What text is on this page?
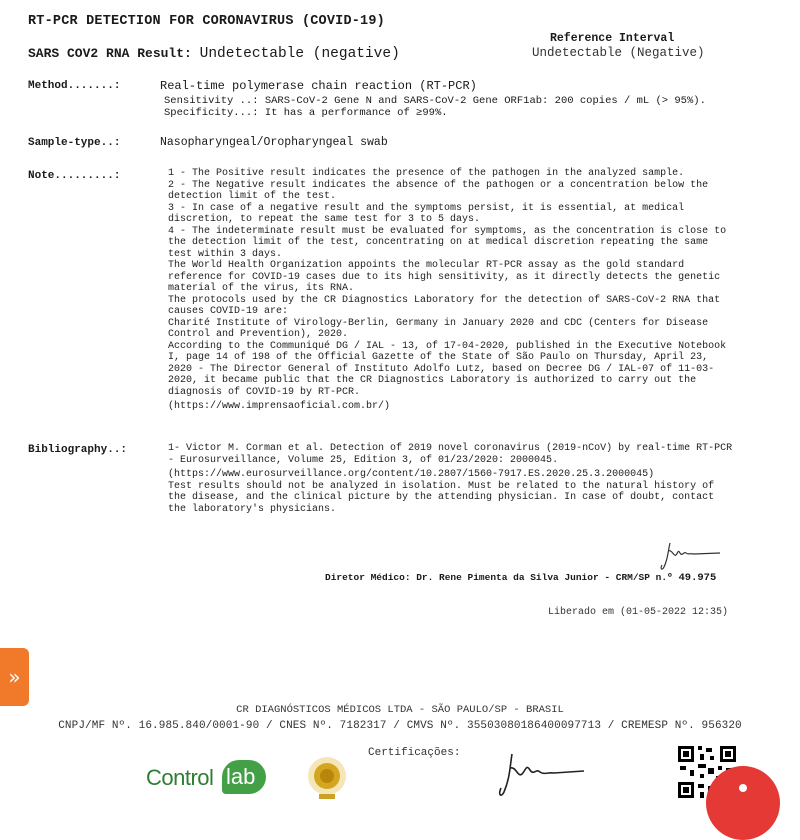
RT-PCR DETECTION FOR CORONAVIRUS (COVID-19)
SARS COV2 RNA Result: Undetectable (negative)
Reference Interval
Undetectable (Negative)
Method.......:	Real-time polymerase chain reaction (RT-PCR)
Sensitivity ..: SARS-CoV-2 Gene N and SARS-CoV-2 Gene ORF1ab: 200 copies / mL (> 95%).
Specificity...: It has a performance of ≥99%.
Sample-type..:	Nasopharyngeal/Oropharyngeal swab
Note.........:	1 - The Positive result indicates the presence of the pathogen in the analyzed sample.

2 - The Negative result indicates the absence of the pathogen or a concentration below the detection limit of the test.

3 - In case of a negative result and the symptoms persist, it is essential, at medical discretion, to repeat the same test for 3 to 5 days.

4 - The indeterminate result must be evaluated for symptoms, as the concentration is close to the detection limit of the test, concentrating on at medical discretion repeating the same test within 3 days.

The World Health Organization appoints the molecular RT-PCR assay as the gold standard reference for COVID-19 cases due to its high sensitivity, as it directly detects the genetic material of the virus, its RNA.

The protocols used by the CR Diagnostics Laboratory for the detection of SARS-CoV-2 RNA that causes COVID-19 are:

Charité Institute of Virology-Berlin, Germany in January 2020 and CDC (Centers for Disease Control and Prevention), 2020.

According to the Communiqué DG / IAL - 13, of 17-04-2020, published in the Executive Notebook I, page 14 of 198 of the Official Gazette of the State of São Paulo on Thursday, April 23, 2020 - The Director General of Instituto Adolfo Lutz, based on Decree DG / IAL-07 of 11-03-2020, it became public that the CR Diagnostics Laboratory is authorized to carry out the diagnosis of COVID-19 by RT-PCR.

(https://www.imprensaoficial.com.br/)

Bibliography..:	1- Victor M. Corman et al. Detection of 2019 novel coronavirus (2019-nCoV) by real-time RT-PCR - Eurosurveillance, Volume 25, Edition 3, of 01/23/2020: 2000045.

(https://www.eurosurveillance.org/content/10.2807/1560-7917.ES.2020.25.3.2000045)

Test results should not be analyzed in isolation. Must be related to the natural history of the disease, and the clinical picture by the attending physician. In case of doubt, contact the laboratory's physicians.

Diretor Médico: Dr. Rene Pimenta da Silva Junior - CRM/SP n.º 49.975
Liberado em (01-05-2022 12:35)
»
CR DIAGNÓSTICOS MÉDICOS LTDA - SÃO PAULO/SP - BRASIL
CNPJ/MF Nº. 16.985.840/0001-90 / CNES Nº. 7182317 / CMVS Nº. 35503080186400097713 / CREMESP Nº. 956320
Certificações:
Control lab
